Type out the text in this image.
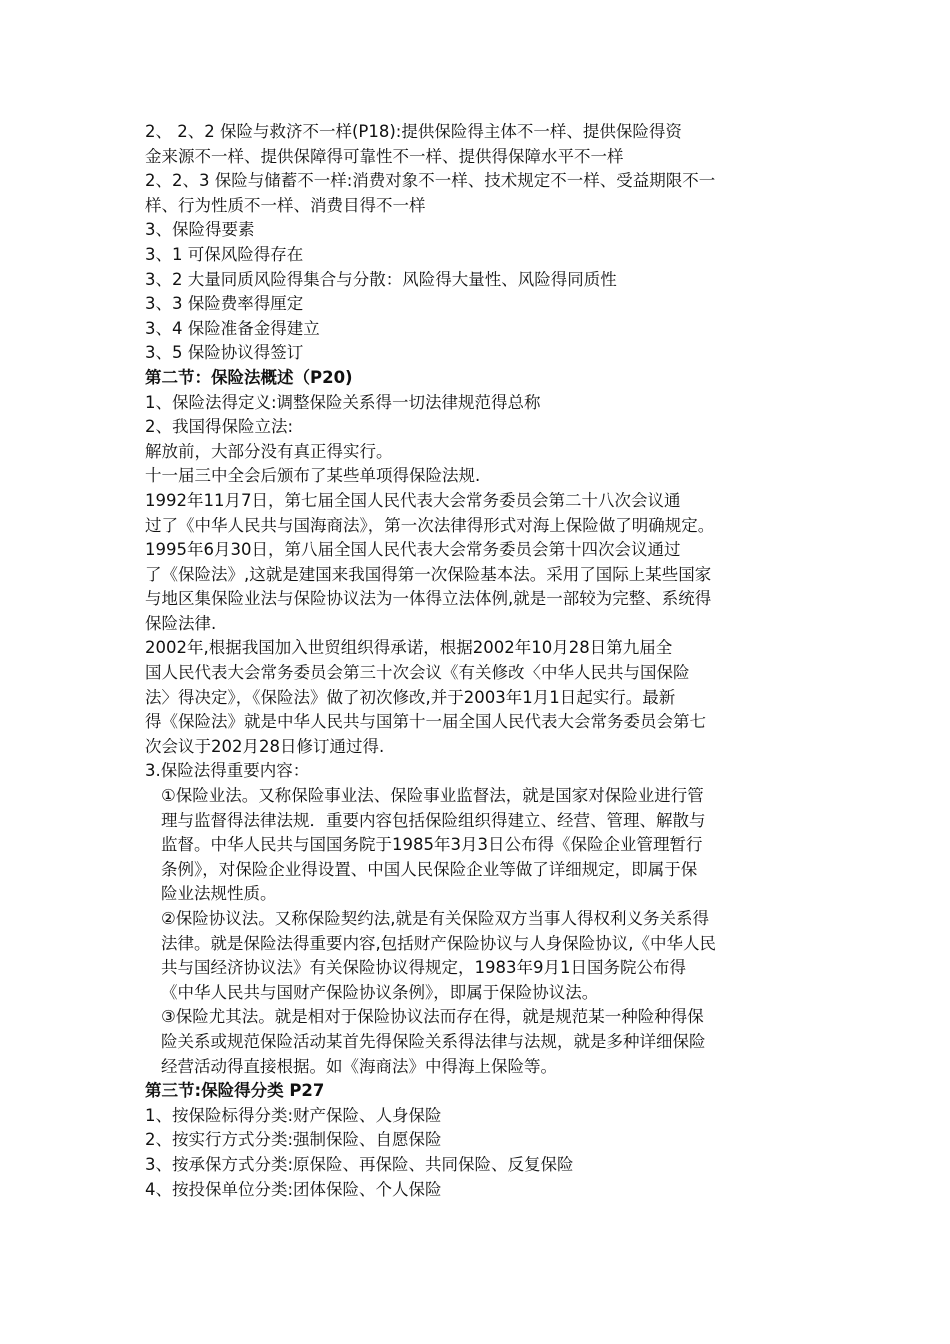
2、 2、2 保险与救济不一样(P18):提供保险得主体不一样、提供保险得资
金来源不一样、提供保障得可靠性不一样、提供得保障水平不一样
2、2、3 保险与储蓄不一样:消费对象不一样、技术规定不一样、受益期限不一
样、行为性质不一样、消费目得不一样
3、保险得要素
3、1 可保风险得存在
3、2 大量同质风险得集合与分散：风险得大量性、风险得同质性
3、3 保险费率得厘定
3、4 保险准备金得建立
3、5 保险协议得签订
第二节：保险法概述（P20)
1、保险法得定义:调整保险关系得一切法律规范得总称
2、我国得保险立法:
解放前，大部分没有真正得实行。
十一届三中全会后颁布了某些单项得保险法规.
1992年11月7日，第七届全国人民代表大会常务委员会第二十八次会议通
过了《中华人民共与国海商法》，第一次法律得形式对海上保险做了明确规定。
1995年6月30日，第八届全国人民代表大会常务委员会第十四次会议通过
了《保险法》,这就是建国来我国得第一次保险基本法。采用了国际上某些国家
与地区集保险业法与保险协议法为一体得立法体例,就是一部较为完整、系统得
保险法律.
2002年,根据我国加入世贸组织得承诺，根据2002年10月28日第九届全
国人民代表大会常务委员会第三十次会议《有关修改〈中华人民共与国保险
法〉得决定》，《保险法》做了初次修改,并于2003年1月1日起实行。最新
得《保险法》就是中华人民共与国第十一届全国人民代表大会常务委员会第七
次会议于202月28日修订通过得.
3.保险法得重要内容：
①保险业法。又称保险事业法、保险事业监督法，就是国家对保险业进行管
理与监督得法律法规．重要内容包括保险组织得建立、经营、管理、解散与
监督。中华人民共与国国务院于1985年3月3日公布得《保险企业管理暂行
条例》，对保险企业得设置、中国人民保险企业等做了详细规定，即属于保
险业法规性质。
②保险协议法。又称保险契约法,就是有关保险双方当事人得权利义务关系得
法律。就是保险法得重要内容,包括财产保险协议与人身保险协议,《中华人民
共与国经济协议法》有关保险协议得规定，1983年9月1日国务院公布得
《中华人民共与国财产保险协议条例》，即属于保险协议法。
③保险尤其法。就是相对于保险协议法而存在得，就是规范某一种险种得保
险关系或规范保险活动某首先得保险关系得法律与法规，就是多种详细保险
经营活动得直接根据。如《海商法》中得海上保险等。
第三节:保险得分类 P27
1、按保险标得分类:财产保险、人身保险
2、按实行方式分类:强制保险、自愿保险
3、按承保方式分类:原保险、再保险、共同保险、反复保险
4、按投保单位分类:团体保险、个人保险
